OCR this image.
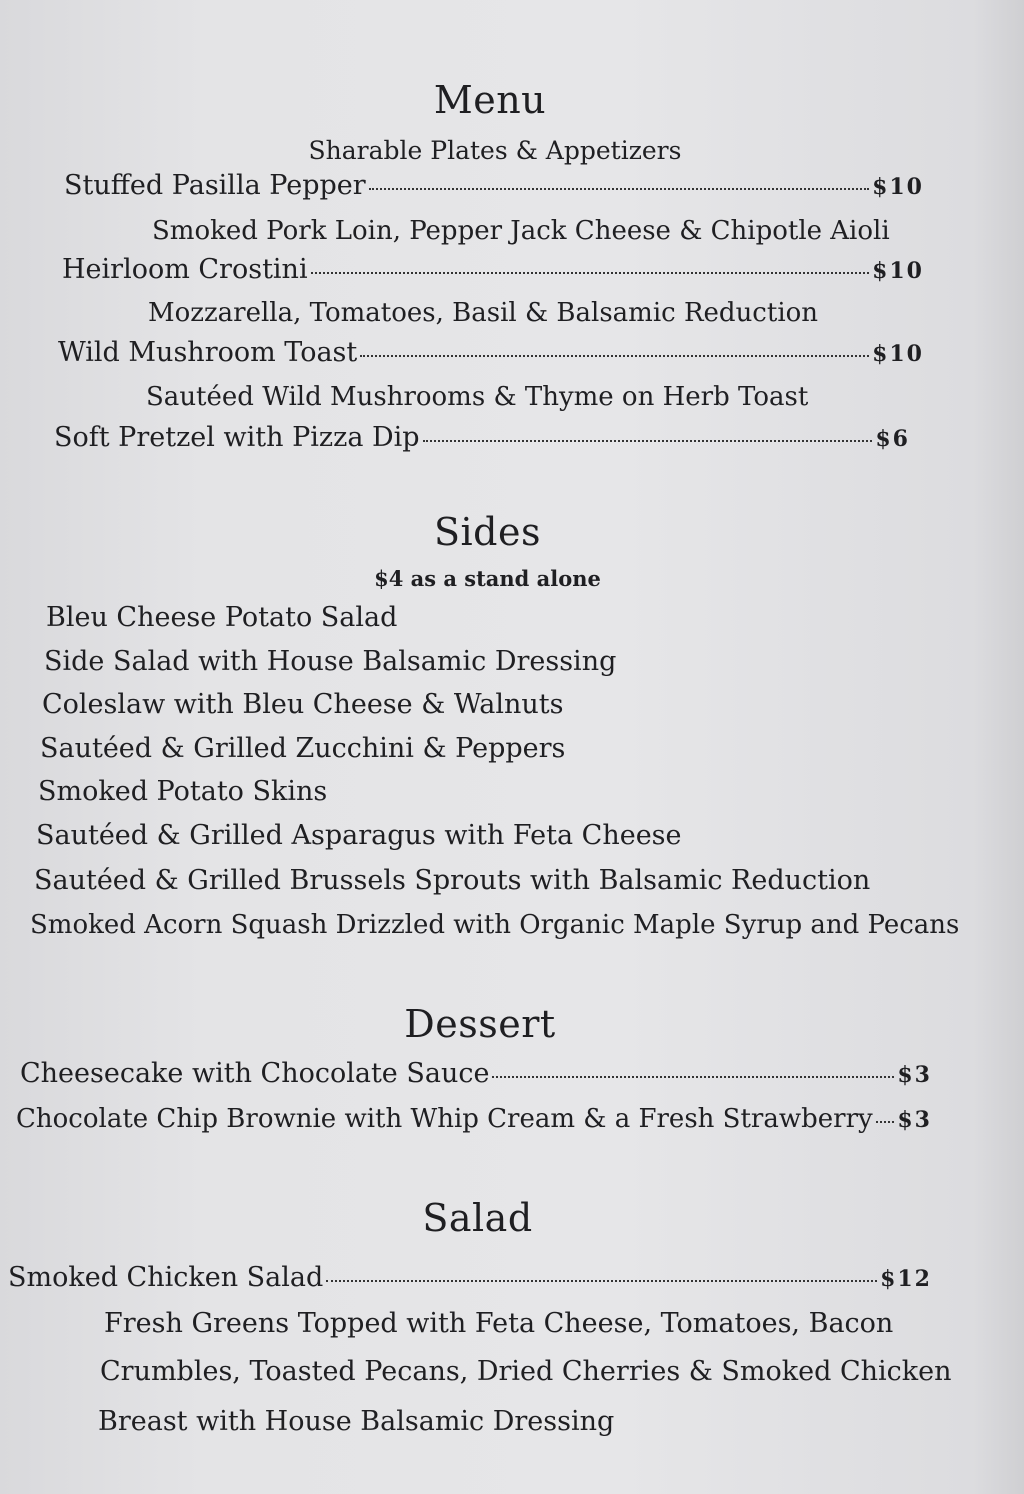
Menu
Sharable Plates & Appetizers
Stuffed Pasilla Pepper	$10
Smoked Pork Loin, Pepper Jack Cheese & Chipotle Aioli
Heirloom Crostini	$10
Mozzarella, Tomatoes, Basil & Balsamic Reduction
Wild Mushroom Toast	$10
Sautéed Wild Mushrooms & Thyme on Herb Toast
Soft Pretzel with Pizza Dip	$6
Sides
$4 as a stand alone
Bleu Cheese Potato Salad
Side Salad with House Balsamic Dressing
Coleslaw with Bleu Cheese & Walnuts
Sautéed & Grilled Zucchini & Peppers
Smoked Potato Skins
Sautéed & Grilled Asparagus with Feta Cheese
Sautéed & Grilled Brussels Sprouts with Balsamic Reduction
Smoked Acorn Squash Drizzled with Organic Maple Syrup and Pecans
Dessert
Cheesecake with Chocolate Sauce	$3
Chocolate Chip Brownie with Whip Cream & a Fresh Strawberry $3
Salad
Smoked Chicken Salad	$12
Fresh Greens Topped with Feta Cheese, Tomatoes, Bacon
Crumbles, Toasted Pecans, Dried Cherries & Smoked Chicken
Breast with House Balsamic Dressing
